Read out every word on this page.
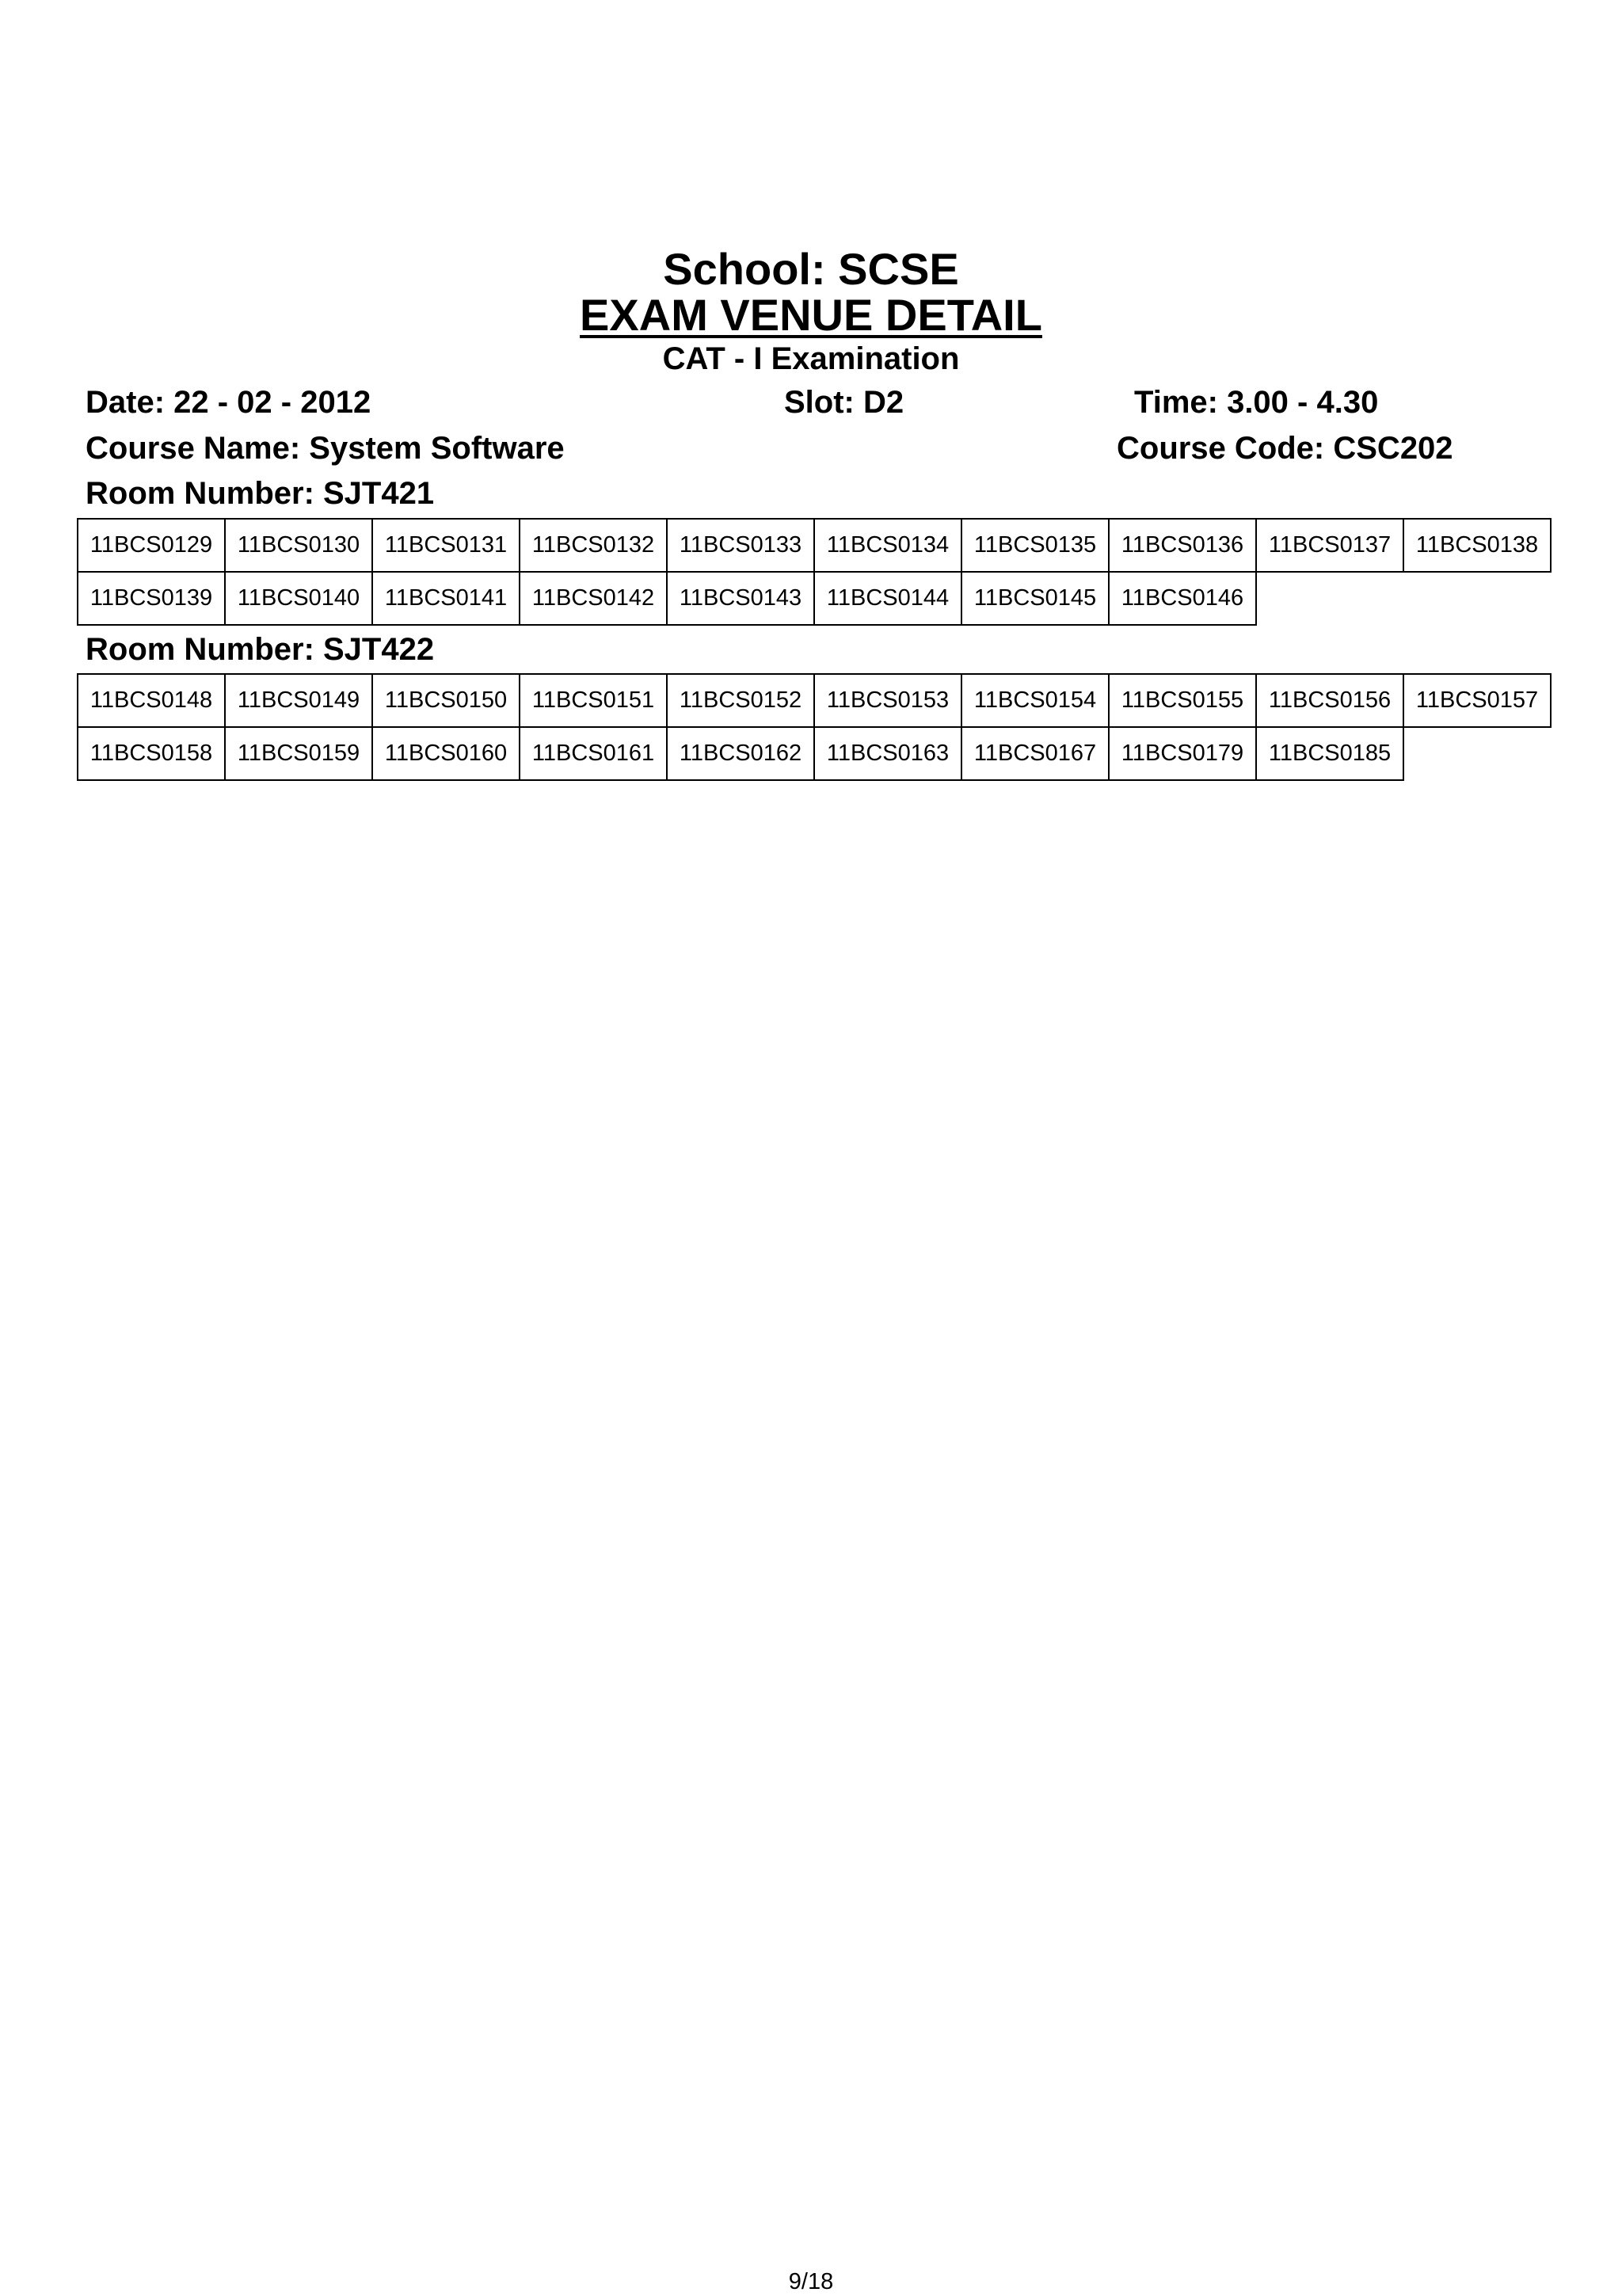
School: SCSE
EXAM VENUE DETAIL
CAT - I Examination
Date: 22 - 02 - 2012	Slot: D2	Time: 3.00 - 4.30
Course Name: System Software	Course Code: CSC202
Room Number: SJT421
11BCS0129	11BCS0130	11BCS0131	11BCS0132	11BCS0133	11BCS0134	11BCS0135	11BCS0136	11BCS0137	11BCS0138
11BCS0139	11BCS0140	11BCS0141	11BCS0142	11BCS0143	11BCS0144	11BCS0145	11BCS0146		
Room Number: SJT422
11BCS0148	11BCS0149	11BCS0150	11BCS0151	11BCS0152	11BCS0153	11BCS0154	11BCS0155	11BCS0156	11BCS0157
11BCS0158	11BCS0159	11BCS0160	11BCS0161	11BCS0162	11BCS0163	11BCS0167	11BCS0179	11BCS0185	
9/18
